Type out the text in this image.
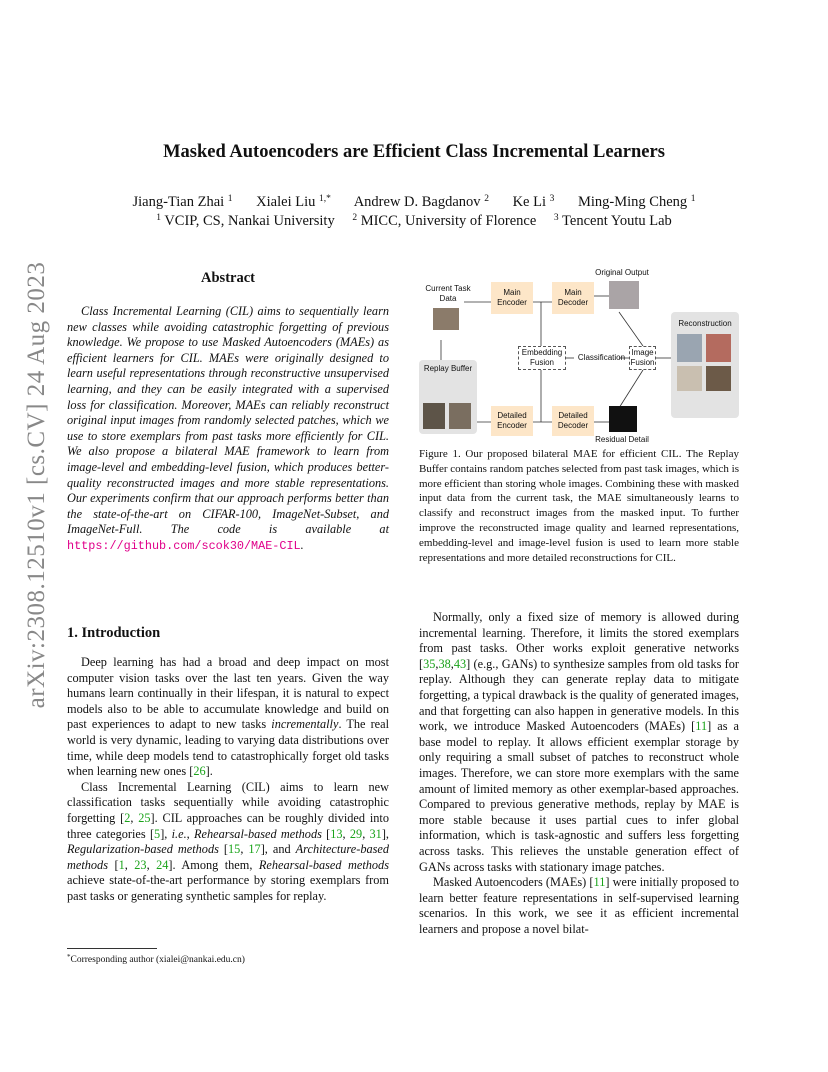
arXiv:2308.12510v1 [cs.CV] 24 Aug 2023
Masked Autoencoders are Efficient Class Incremental Learners
Jiang-Tian Zhai $^1$ Xialei Liu $^{1,*}$ Andrew D. Bagdanov $^2$ Ke Li $^3$ Ming-Ming Cheng $^1$
$^1$ VCIP, CS, Nankai University $^2$ MICC, University of Florence $^3$ Tencent Youtu Lab
Abstract
Class Incremental Learning (CIL) aims to sequentially learn new classes while avoiding catastrophic forgetting of previous knowledge. We propose to use Masked Autoencoders (MAEs) as efficient learners for CIL. MAEs were originally designed to learn useful representations through reconstructive unsupervised learning, and they can be easily integrated with a supervised loss for classification. Moreover, MAEs can reliably reconstruct original input images from randomly selected patches, which we use to store exemplars from past tasks more efficiently for CIL. We also propose a bilateral MAE framework to learn from image-level and embedding-level fusion, which produces better-quality reconstructed images and more stable representations. Our experiments confirm that our approach performs better than the state-of-the-art on CIFAR-100, ImageNet-Subset, and ImageNet-Full. The code is available at https://github.com/scok30/MAE-CIL.
1. Introduction

Deep learning has had a broad and deep impact on most computer vision tasks over the last ten years. Given the way humans learn continually in their lifespan, it is natural to expect models also to be able to accumulate knowledge and build on past experiences to adapt to new tasks incrementally. The real world is very dynamic, leading to varying data distributions over time, while deep models tend to catastrophically forget old tasks when learning new ones [26].

Class Incremental Learning (CIL) aims to learn new classification tasks sequentially while avoiding catastrophic forgetting [2, 25]. CIL approaches can be roughly divided into three categories [5], i.e., Rehearsal-based methods [13, 29, 31], Regularization-based methods [15, 17], and Architecture-based methods [1, 23, 24]. Among them, Rehearsal-based methods achieve state-of-the-art performance by storing exemplars from past tasks or generating synthetic samples for replay.

*Corresponding author (xialei@nankai.edu.cn)
Current Task Data
Original Output
Main Encoder
Main Decoder
Reconstruction
Embedding Fusion
Classification
Image Fusion
Replay Buffer
Detailed Encoder
Detailed Decoder
Residual Detail
Figure 1. Our proposed bilateral MAE for efficient CIL. The Replay Buffer contains random patches selected from past task images, which is more efficient than storing whole images. Combining these with masked input data from the current task, the MAE simultaneously learns to classify and reconstruct images from the masked input. To further improve the reconstructed image quality and learned representations, embedding-level and image-level fusion is used to learn more stable representations and more detailed reconstructions for CIL.

Normally, only a fixed size of memory is allowed during incremental learning. Therefore, it limits the stored exemplars from past tasks. Other works exploit generative networks [35,38,43] (e.g., GANs) to synthesize samples from old tasks for replay. Although they can generate replay data to mitigate forgetting, a typical drawback is the quality of generated images, and that forgetting can also happen in generative models. In this work, we introduce Masked Autoencoders (MAEs) [11] as a base model to replay. It allows efficient exemplar storage by only requiring a small subset of patches to reconstruct whole images. Therefore, we can store more exemplars with the same amount of limited memory as other exemplar-based approaches. Compared to previous generative methods, replay by MAE is more stable because it uses partial cues to infer global information, which is task-agnostic and suffers less forgetting across tasks. This relieves the unstable generation effect of GANs across tasks with stationary image patches.

Masked Autoencoders (MAEs) [11] were initially proposed to learn better feature representations in self-supervised learning scenarios. In this work, we see it as efficient incremental learners and propose a novel bilat-
